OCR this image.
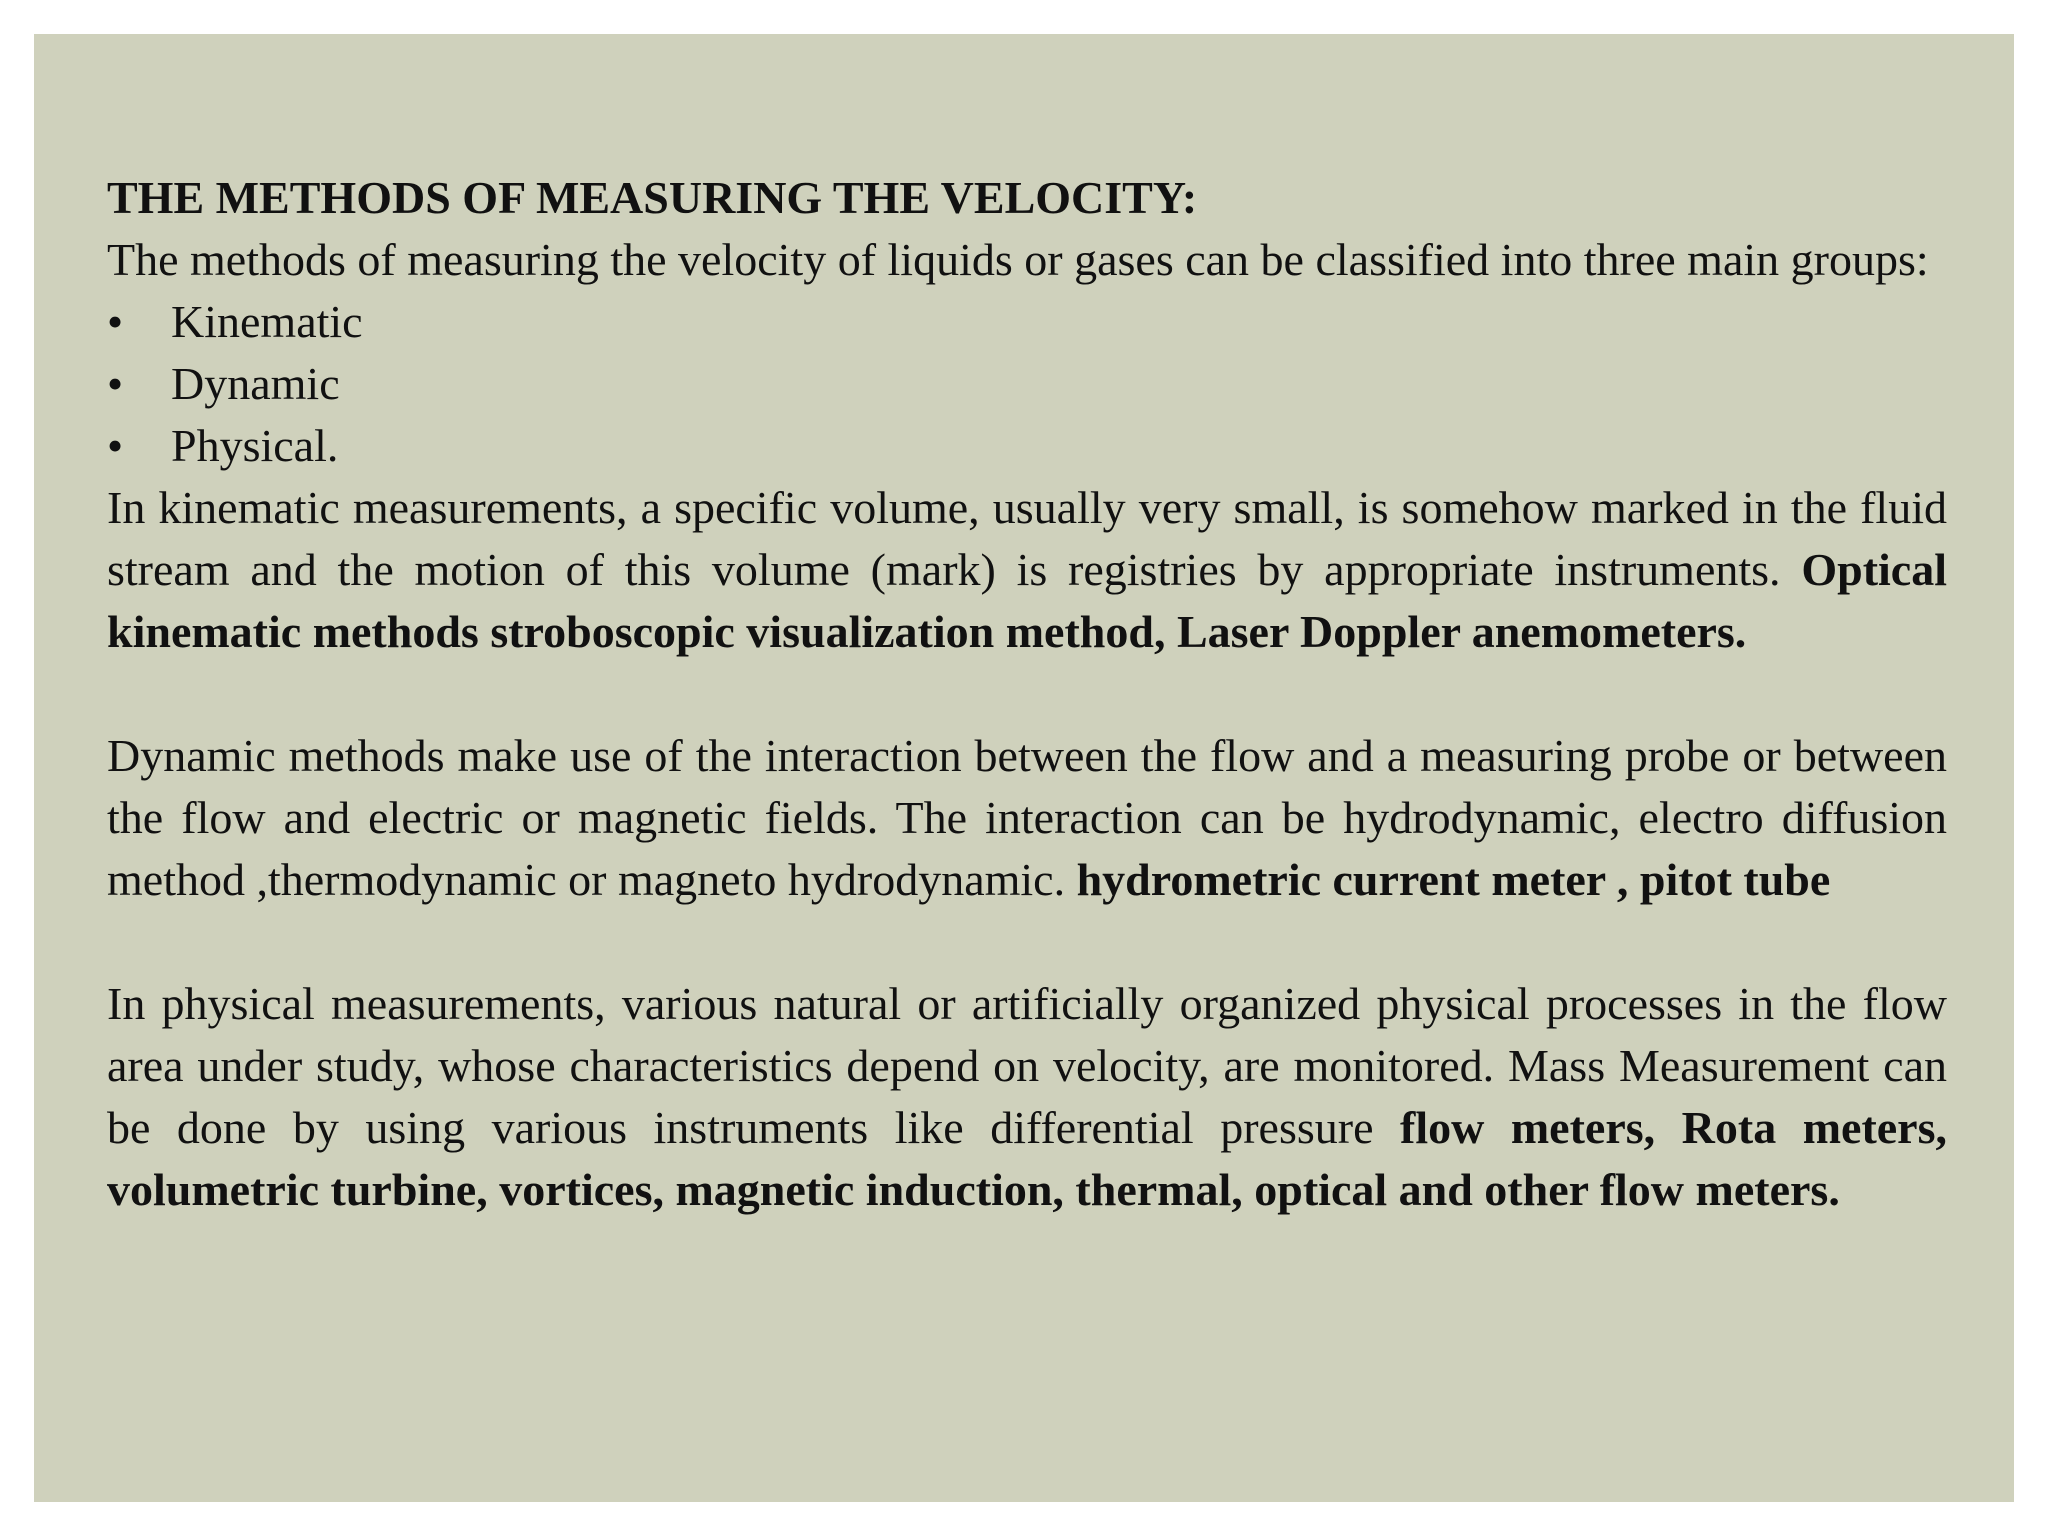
THE METHODS OF MEASURING THE VELOCITY:

The methods of measuring the velocity of liquids or gases can be classified into three main groups:

• Kinematic
• Dynamic
• Physical.

In kinematic measurements, a specific volume, usually very small, is somehow marked in the fluid stream and the motion of this volume (mark) is registries by appropriate instruments. Optical kinematic methods stroboscopic visualization method, Laser Doppler anemometers.

Dynamic methods make use of the interaction between the flow and a measuring probe or between the flow and electric or magnetic fields. The interaction can be hydrodynamic, electro diffusion method ,thermodynamic or magneto hydrodynamic. hydrometric current meter , pitot tube

In physical measurements, various natural or artificially organized physical processes in the flow area under study, whose characteristics depend on velocity, are monitored. Mass Measurement can be done by using various instruments like differential pressure flow meters, Rota meters, volumetric turbine, vortices, magnetic induction, thermal, optical and other flow meters.
